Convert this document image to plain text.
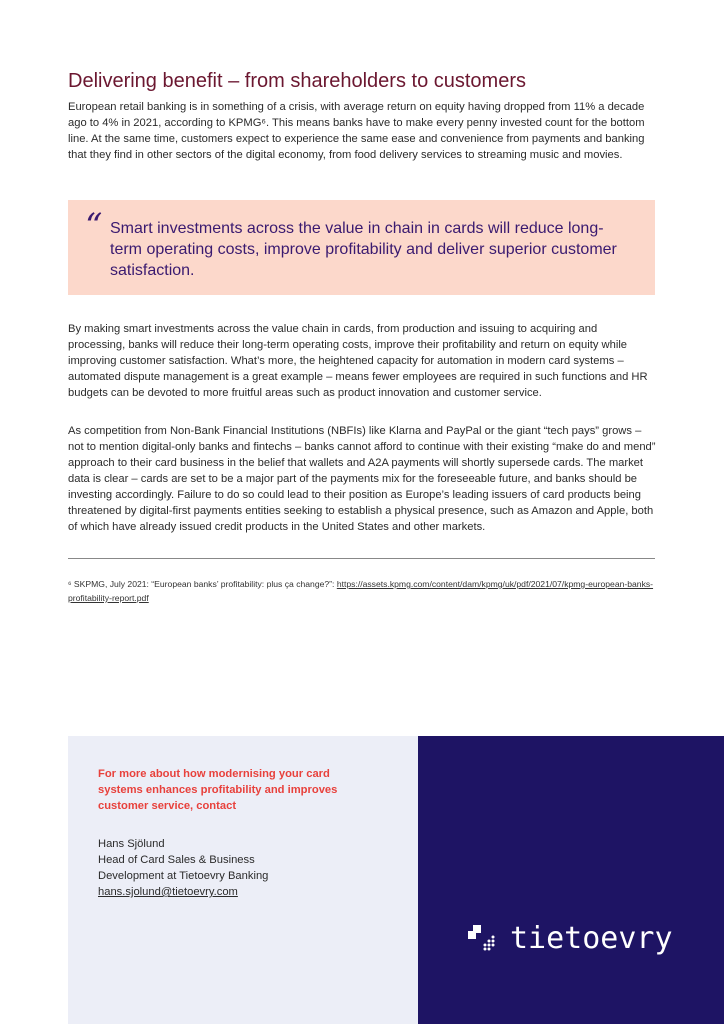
Delivering benefit – from shareholders to customers

European retail banking is in something of a crisis, with average return on equity having dropped from 11% a decade ago to 4% in 2021, according to KPMG⁶. This means banks have to make every penny invested count for the bottom line. At the same time, customers expect to experience the same ease and convenience from payments and banking that they find in other sectors of the digital economy, from food delivery services to streaming music and movies.

“ Smart investments across the value in chain in cards will reduce long-term operating costs, improve profitability and deliver superior customer satisfaction.

By making smart investments across the value chain in cards, from production and issuing to acquiring and processing, banks will reduce their long-term operating costs, improve their profitability and return on equity while improving customer satisfaction. What’s more, the heightened capacity for automation in modern card systems – automated dispute management is a great example – means fewer employees are required in such functions and HR budgets can be devoted to more fruitful areas such as product innovation and customer service.

As competition from Non-Bank Financial Institutions (NBFIs) like Klarna and PayPal or the giant “tech pays” grows – not to mention digital-only banks and fintechs – banks cannot afford to continue with their existing “make do and mend” approach to their card business in the belief that wallets and A2A payments will shortly supersede cards. The market data is clear – cards are set to be a major part of the payments mix for the foreseeable future, and banks should be investing accordingly. Failure to do so could lead to their position as Europe’s leading issuers of card products being threatened by digital-first payments entities seeking to establish a physical presence, such as Amazon and Apple, both of which have already issued credit products in the United States and other markets.

⁶ SKPMG, July 2021: “European banks’ profitability: plus ça change?”: https://assets.kpmg.com/content/dam/kpmg/uk/pdf/2021/07/kpmg-european-banks-profitability-report.pdf

For more about how modernising your card systems enhances profitability and improves customer service, contact

Hans Sjölund
Head of Card Sales & Business
Development at Tietoevry Banking
hans.sjolund@tietoevry.com
tietoevry
